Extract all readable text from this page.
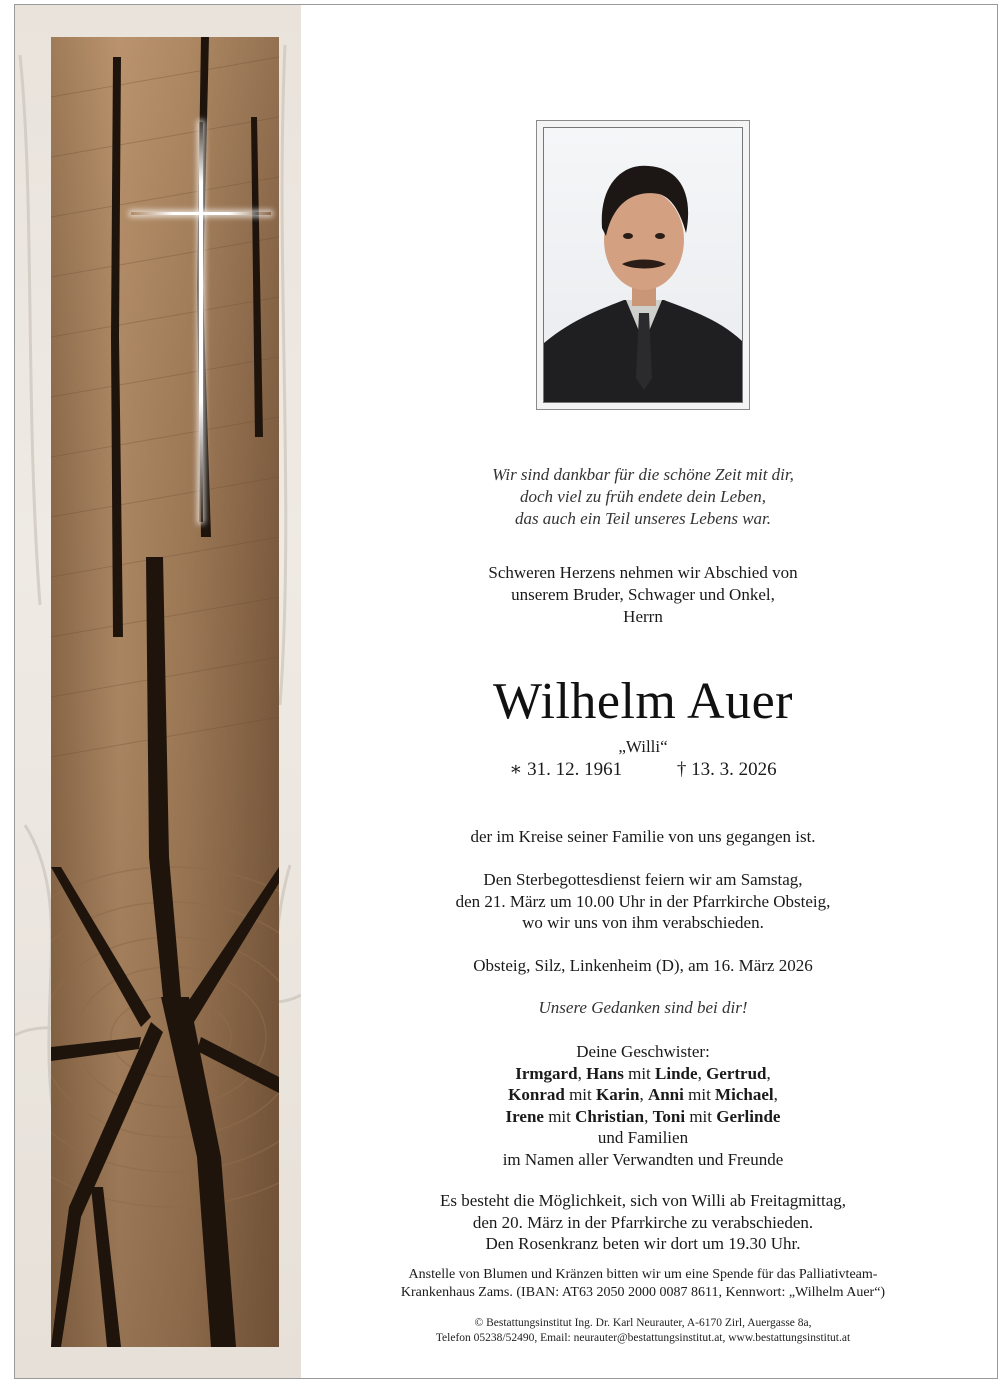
Wir sind dankbar für die schöne Zeit mit dir,
doch viel zu früh endete dein Leben,
das auch ein Teil unseres Lebens war.
Schweren Herzens nehmen wir Abschied von
unserem Bruder, Schwager und Onkel,
Herrn
Wilhelm Auer
„Willi“
∗ 31. 12. 1961	† 13. 3. 2026
der im Kreise seiner Familie von uns gegangen ist.
Den Sterbegottesdienst feiern wir am Samstag,
den 21. März um 10.00 Uhr in der Pfarrkirche Obsteig,
wo wir uns von ihm verabschieden.
Obsteig, Silz, Linkenheim (D), am 16. März 2026
Unsere Gedanken sind bei dir!
Deine Geschwister:
Irmgard, Hans mit Linde, Gertrud,
Konrad mit Karin, Anni mit Michael,
Irene mit Christian, Toni mit Gerlinde
und Familien
im Namen aller Verwandten und Freunde
Es besteht die Möglichkeit, sich von Willi ab Freitagmittag,
den 20. März in der Pfarrkirche zu verabschieden.
Den Rosenkranz beten wir dort um 19.30 Uhr.
Anstelle von Blumen und Kränzen bitten wir um eine Spende für das Palliativteam-
Krankenhaus Zams. (IBAN: AT63 2050 2000 0087 8611, Kennwort: „Wilhelm Auer“)
© Bestattungsinstitut Ing. Dr. Karl Neurauter, A-6170 Zirl, Auergasse 8a,
Telefon 05238/52490, Email: neurauter@bestattungsinstitut.at, www.bestattungsinstitut.at
